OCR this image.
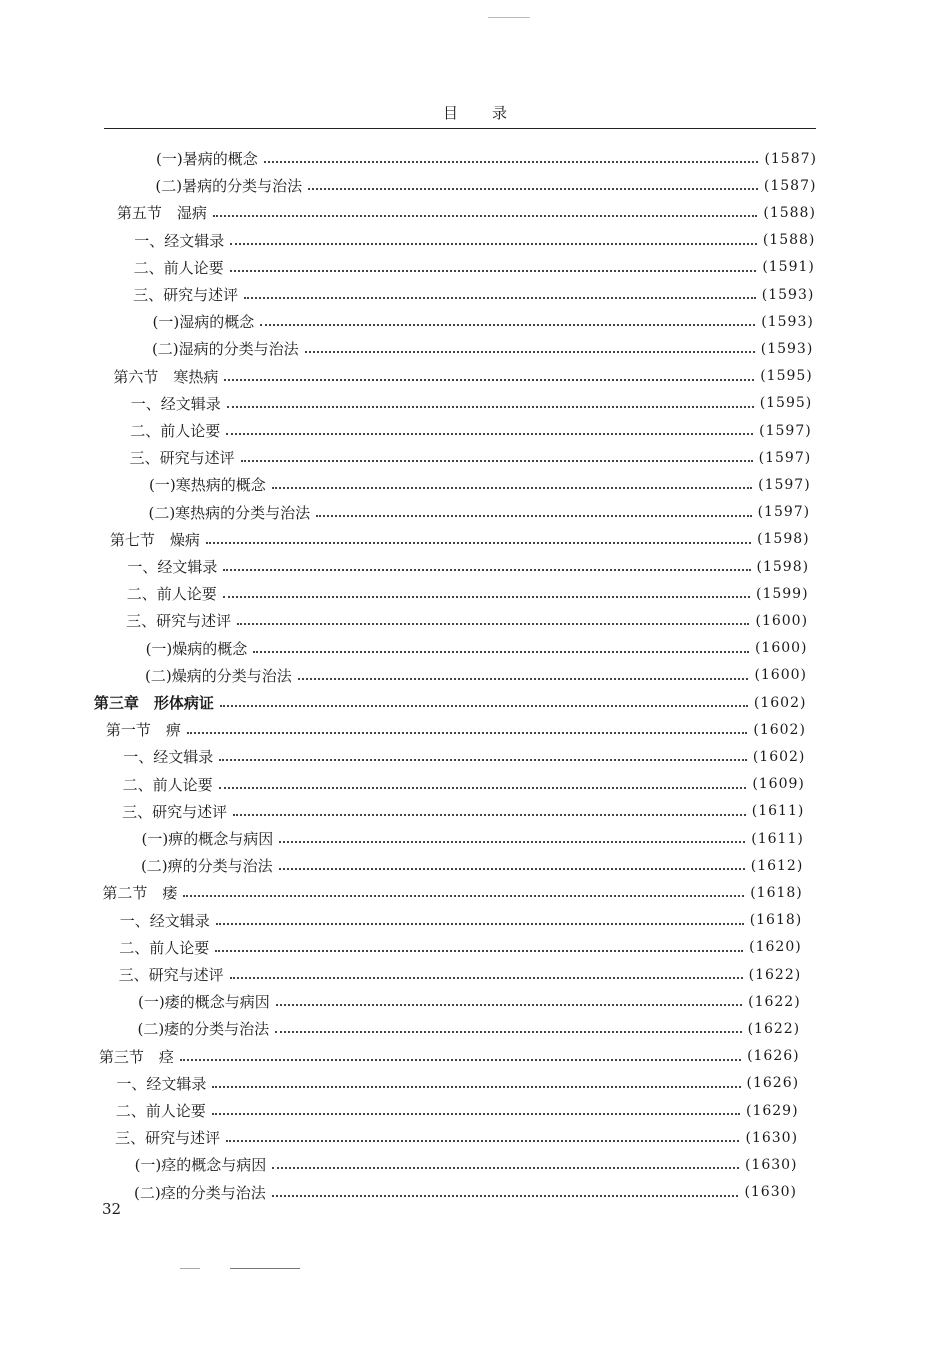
目录
(一)暑病的概念	(1587)
(二)暑病的分类与治法	(1587)
第五节　湿病	(1588)
一、经文辑录	(1588)
二、前人论要	(1591)
三、研究与述评	(1593)
(一)湿病的概念	(1593)
(二)湿病的分类与治法	(1593)
第六节　寒热病	(1595)
一、经文辑录	(1595)
二、前人论要	(1597)
三、研究与述评	(1597)
(一)寒热病的概念	(1597)
(二)寒热病的分类与治法	(1597)
第七节　燥病	(1598)
一、经文辑录	(1598)
二、前人论要	(1599)
三、研究与述评	(1600)
(一)燥病的概念	(1600)
(二)燥病的分类与治法	(1600)
第三章　形体病证	(1602)
第一节　痹	(1602)
一、经文辑录	(1602)
二、前人论要	(1609)
三、研究与述评	(1611)
(一)痹的概念与病因	(1611)
(二)痹的分类与治法	(1612)
第二节　痿	(1618)
一、经文辑录	(1618)
二、前人论要	(1620)
三、研究与述评	(1622)
(一)痿的概念与病因	(1622)
(二)痿的分类与治法	(1622)
第三节　痉	(1626)
一、经文辑录	(1626)
二、前人论要	(1629)
三、研究与述评	(1630)
(一)痉的概念与病因	(1630)
(二)痉的分类与治法	(1630)
32
